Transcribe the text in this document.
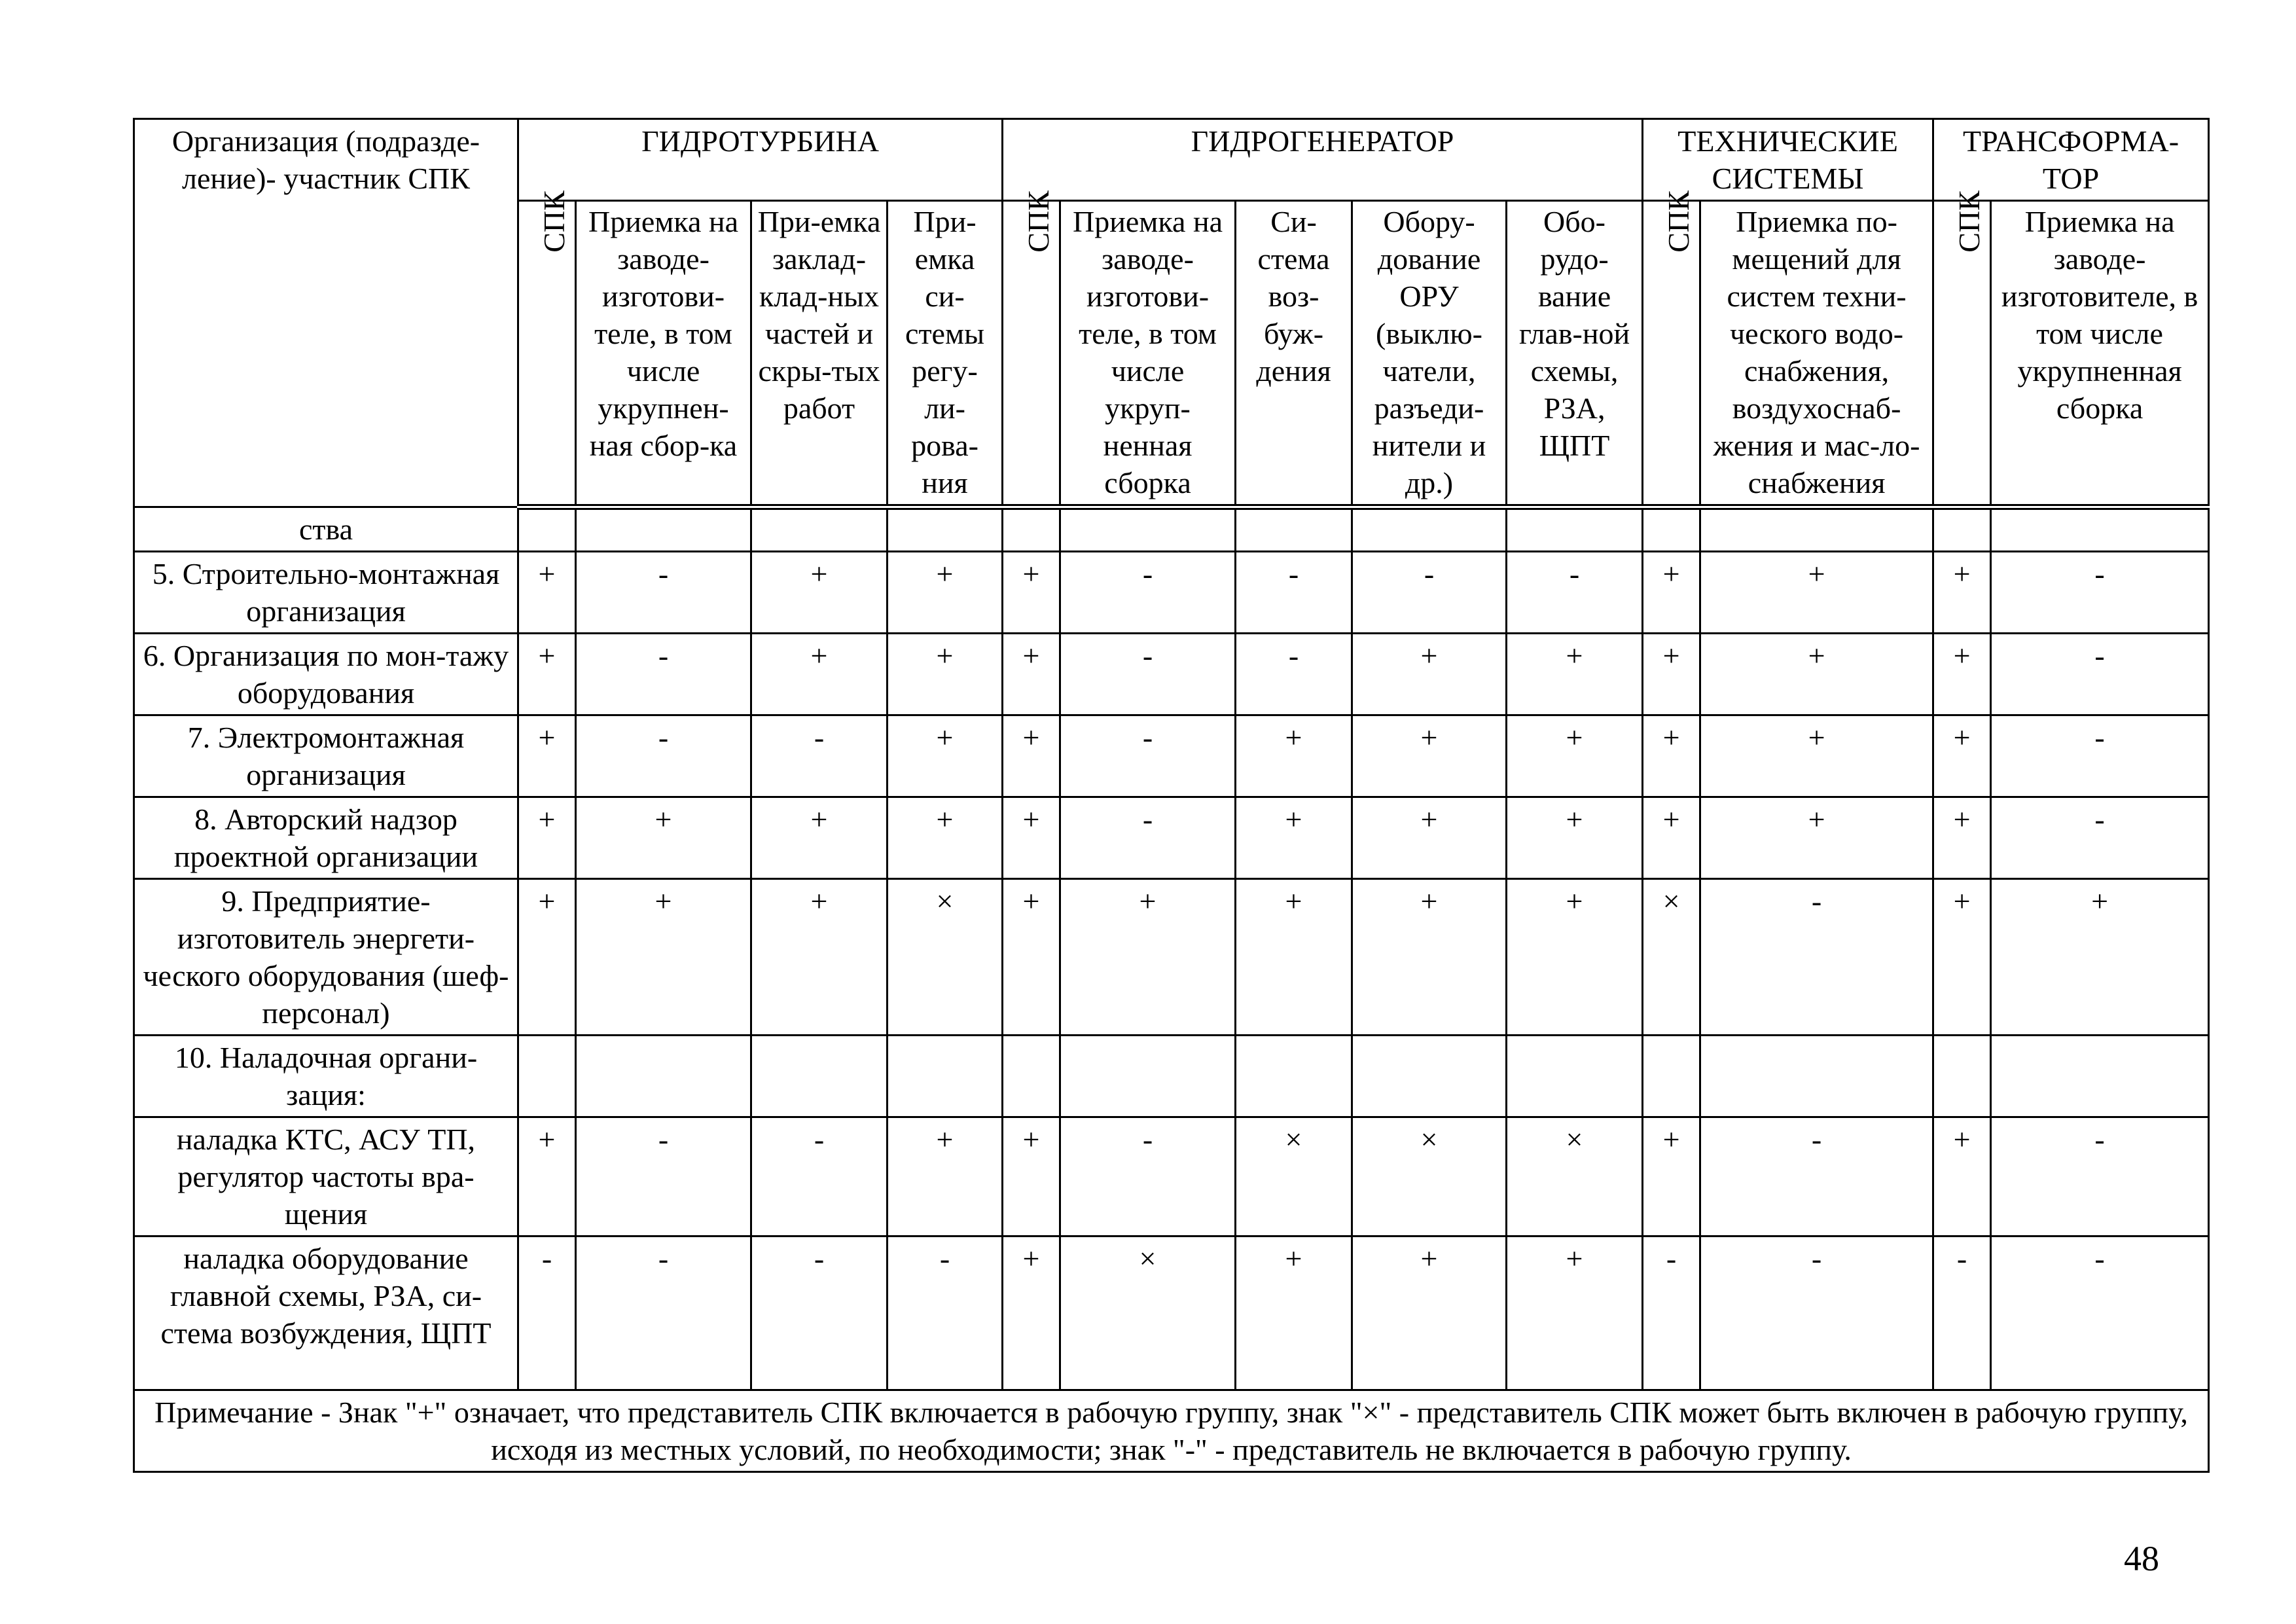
Организация (подразде-ление)- участник СПК	ГИДРОТУРБИНА				ГИДРОГЕНЕРАТОР					ТЕХНИЧЕСКИЕ СИСТЕМЫ		ТРАНСФОРМА-ТОР	
	СПК	Приемка на заводе-изготови-теле, в том числе укрупнен-ная сбор-ка	При-емка заклад-клад-ных частей и скры-тых работ	При-емка си-стемы регу-ли-рова-ния	СПК	Приемка на заводе-изготови-теле, в том числе укруп-ненная сборка	Си-стема воз-буж-дения	Обору-дование ОРУ (выклю-чатели, разъеди-нители и др.)	Обо-рудо-вание глав-ной схемы, РЗА, ЩПТ	СПК	Приемка по-мещений для систем техни-ческого водо-снабжения, воздухоснаб-жения и мас-ло-снабжения	СПК	Приемка на заводе-изготовителе, в том числе укрупненная сборка
ства													
5. Строительно-монтажная организация	+	-	+	+	+	-	-	-	-	+	+	+	-
6. Организация по мон-тажу оборудования	+	-	+	+	+	-	-	+	+	+	+	+	-
7. Электромонтажная организация	+	-	-	+	+	-	+	+	+	+	+	+	-
8. Авторский надзор проектной организации	+	+	+	+	+	-	+	+	+	+	+	+	-
9. Предприятие-изготовитель энергети-ческого оборудования (шеф-персонал)	+	+	+	×	+	+	+	+	+	×	-	+	+
10. Наладочная органи-зация:													
наладка КТС, АСУ ТП, регулятор частоты вра-щения	+	-	-	+	+	-	×	×	×	+	-	+	-
наладка оборудование главной схемы, РЗА, си-стема возбуждения, ЩПТ	-	-	-	-	+	×	+	+	+	-	-	-	-
Примечание - Знак "+" означает, что представитель СПК включается в рабочую группу, знак "×" - представитель СПК может быть включен в рабочую группу, исходя из местных условий, по необходимости; знак "-" - представитель не включается в рабочую группу.													
48
